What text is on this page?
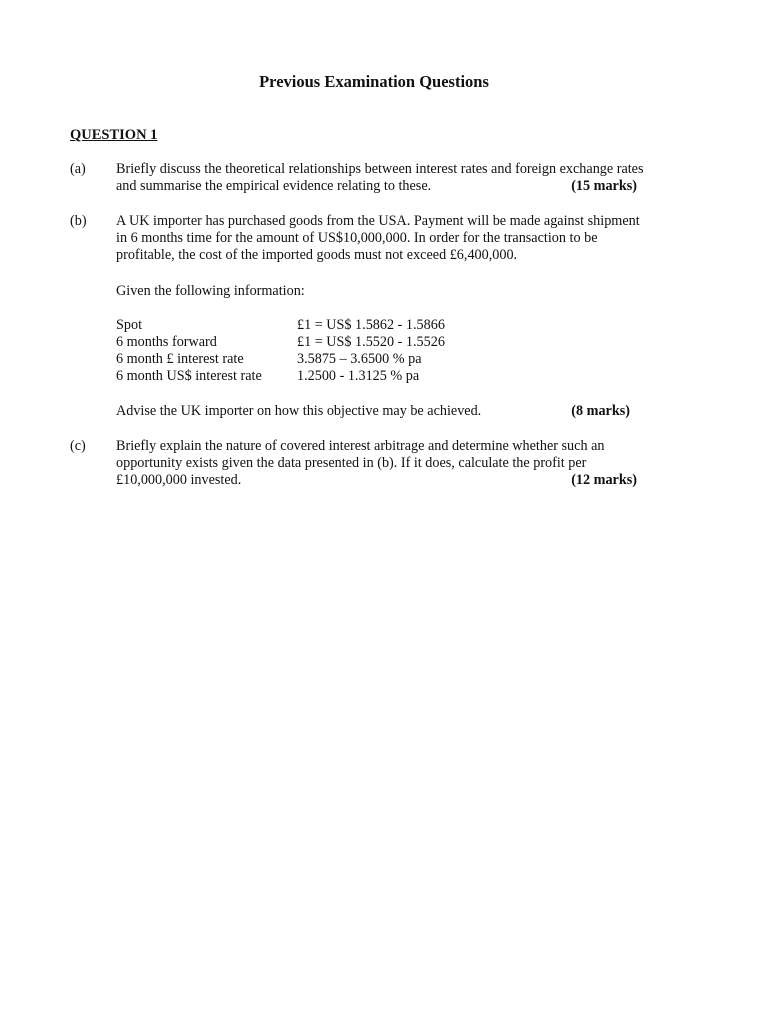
Previous Examination Questions
QUESTION 1
(a) Briefly discuss the theoretical relationships between interest rates and foreign exchange rates
and summarise the empirical evidence relating to these.	(15 marks)
(b) A UK importer has purchased goods from the USA. Payment will be made against shipment
in 6 months time for the amount of US$10,000,000. In order for the transaction to be
profitable, the cost of the imported goods must not exceed £6,400,000.
Given the following information:
Spot	£1 = US$ 1.5862 - 1.5866
6 months forward	£1 = US$ 1.5520 - 1.5526
6 month £ interest rate	3.5875 – 3.6500 % pa
6 month US$ interest rate	1.2500 - 1.3125 % pa
Advise the UK importer on how this objective may be achieved.	(8 marks)
(c) Briefly explain the nature of covered interest arbitrage and determine whether such an
opportunity exists given the data presented in (b). If it does, calculate the profit per
£10,000,000 invested.	(12 marks)
